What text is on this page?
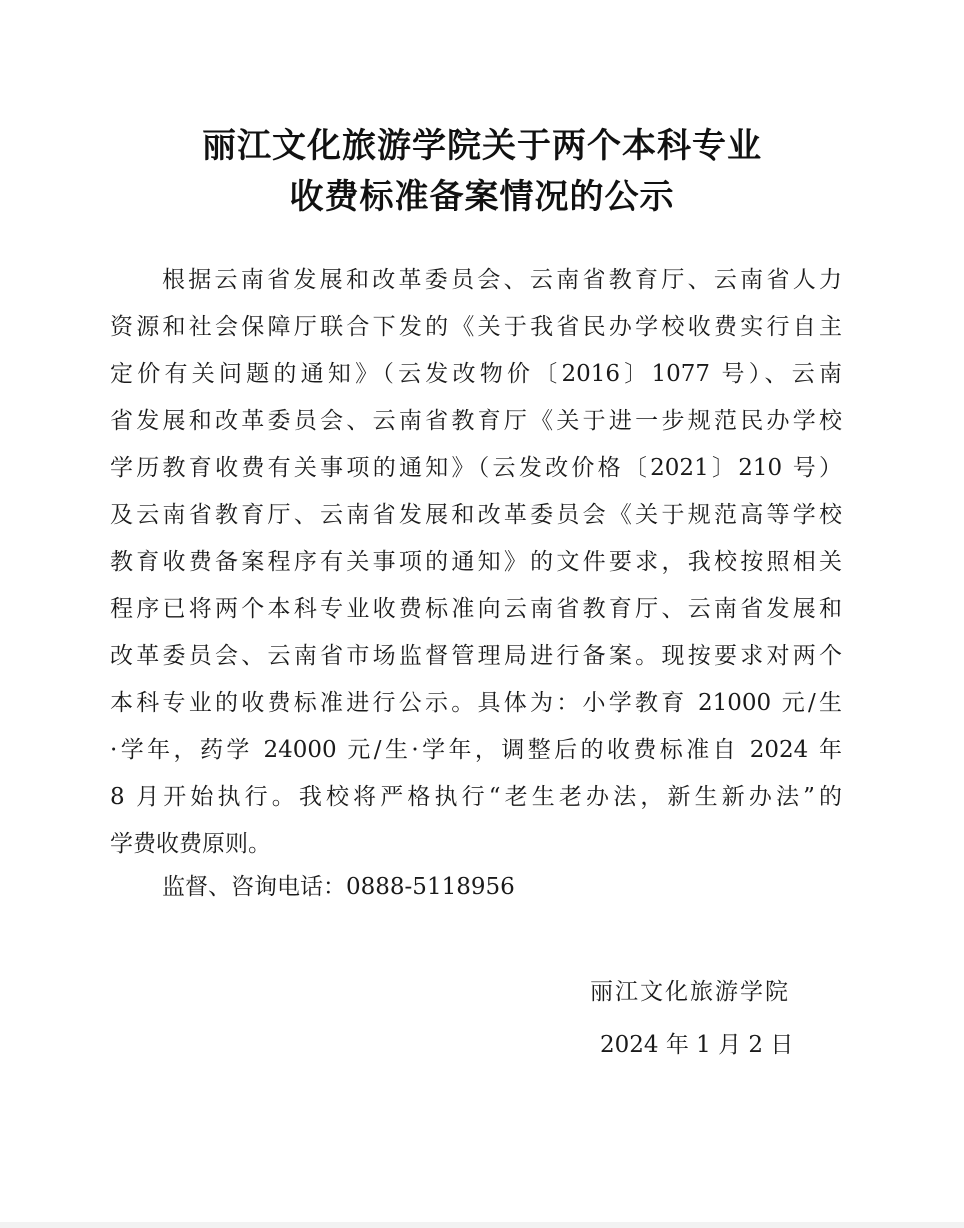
丽江文化旅游学院关于两个本科专业
收费标准备案情况的公示
根据云南省发展和改革委员会、云南省教育厅、云南省人力
资源和社会保障厅联合下发的《关于我省民办学校收费实行自主
定价有关问题的通知》（云发改物价〔2016〕1077 号）、云南
省发展和改革委员会、云南省教育厅《关于进一步规范民办学校
学历教育收费有关事项的通知》（云发改价格〔2021〕210 号）
及云南省教育厅、云南省发展和改革委员会《关于规范高等学校
教育收费备案程序有关事项的通知》的文件要求，我校按照相关
程序已将两个本科专业收费标准向云南省教育厅、云南省发展和
改革委员会、云南省市场监督管理局进行备案。现按要求对两个
本科专业的收费标准进行公示。具体为：小学教育 21000 元/生
·学年，药学 24000 元/生·学年，调整后的收费标准自 2024 年
8 月开始执行。我校将严格执行“老生老办法，新生新办法”的
学费收费原则。
监督、咨询电话：0888-5118956
丽江文化旅游学院
2024 年 1 月 2 日
